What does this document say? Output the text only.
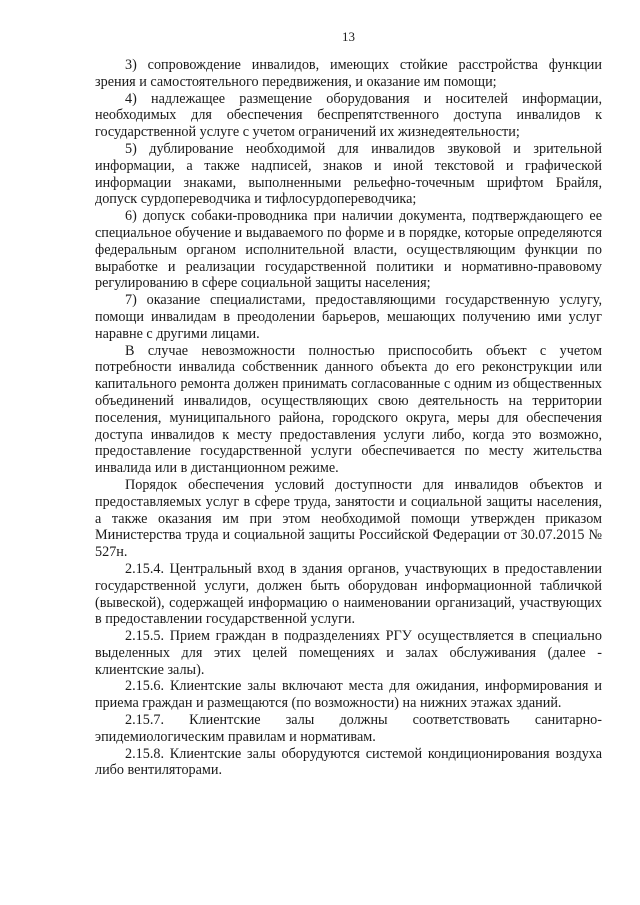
13

3) сопровождение инвалидов, имеющих стойкие расстройства функции зрения и самостоятельного передвижения, и оказание им помощи;

4) надлежащее размещение оборудования и носителей информации, необходимых для обеспечения беспрепятственного доступа инвалидов к государственной услуге с учетом ограничений их жизнедеятельности;

5) дублирование необходимой для инвалидов звуковой и зрительной информации, а также надписей, знаков и иной текстовой и графической информации знаками, выполненными рельефно-точечным шрифтом Брайля, допуск сурдопереводчика и тифлосурдопереводчика;

6) допуск собаки-проводника при наличии документа, подтверждающего ее специальное обучение и выдаваемого по форме и в порядке, которые определяются федеральным органом исполнительной власти, осуществляющим функции по выработке и реализации государственной политики и нормативно-правовому регулированию в сфере социальной защиты населения;

7) оказание специалистами, предоставляющими государственную услугу, помощи инвалидам в преодолении барьеров, мешающих получению ими услуг наравне с другими лицами.

В случае невозможности полностью приспособить объект с учетом потребности инвалида собственник данного объекта до его реконструкции или капитального ремонта должен принимать согласованные с одним из общественных объединений инвалидов, осуществляющих свою деятельность на территории поселения, муниципального района, городского округа, меры для обеспечения доступа инвалидов к месту предоставления услуги либо, когда это возможно, предоставление государственной услуги обеспечивается по месту жительства инвалида или в дистанционном режиме.

Порядок обеспечения условий доступности для инвалидов объектов и предоставляемых услуг в сфере труда, занятости и социальной защиты населения, а также оказания им при этом необходимой помощи утвержден приказом Министерства труда и социальной защиты Российской Федерации от 30.07.2015 № 527н.

2.15.4. Центральный вход в здания органов, участвующих в предоставлении государственной услуги, должен быть оборудован информационной табличкой (вывеской), содержащей информацию о наименовании организаций, участвующих в предоставлении государственной услуги.

2.15.5. Прием граждан в подразделениях РГУ осуществляется в специально выделенных для этих целей помещениях и залах обслуживания (далее - клиентские залы).

2.15.6. Клиентские залы включают места для ожидания, информирования и приема граждан и размещаются (по возможности) на нижних этажах зданий.

2.15.7. Клиентские залы должны соответствовать санитарно-эпидемиологическим правилам и нормативам.

2.15.8. Клиентские залы оборудуются системой кондиционирования воздуха либо вентиляторами.
